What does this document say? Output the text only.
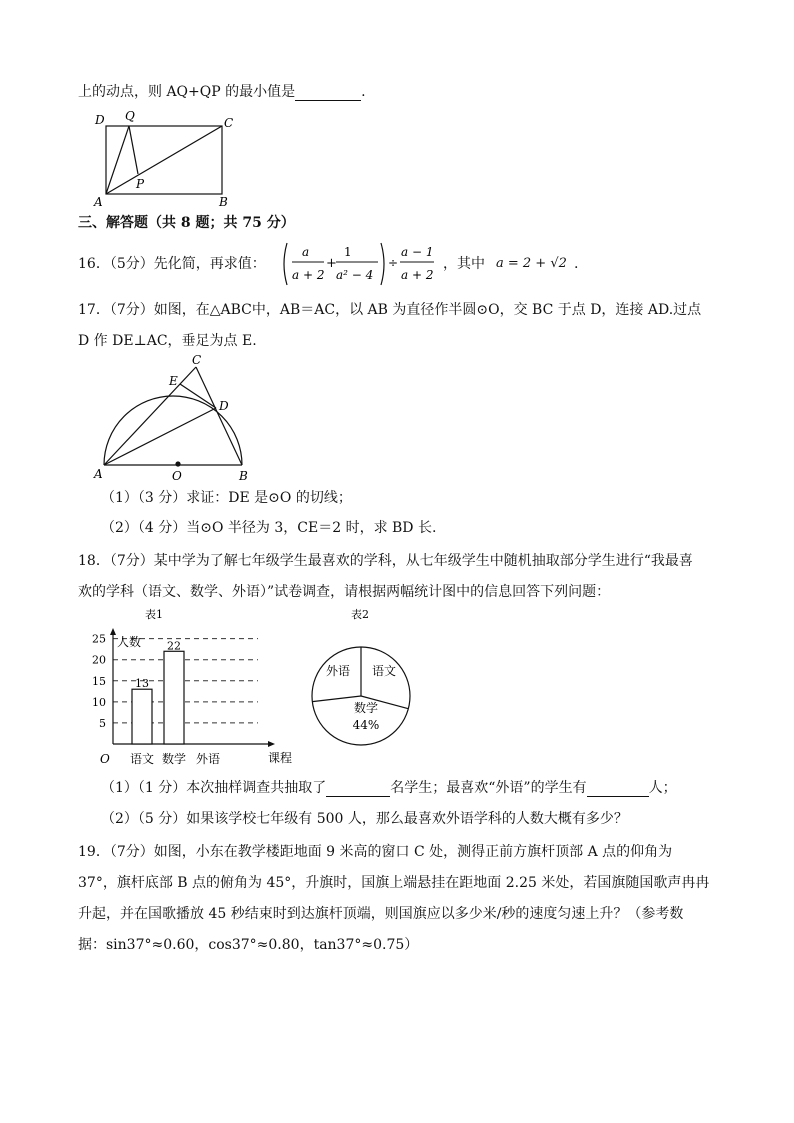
上的动点，则 AQ+QP 的最小值是	.
D Q	C
A
P
B
三、解答题（共 8 题；共 75 分）
16．（5分）先化简，再求值：
a
a + 2
+
1
a² − 4
÷
a − 1
a + 2
，其中 a = 2 + √2 .
17．（7分）如图，在△ABC中，AB＝AC，以 AB 为直径作半圆⊙O，交 BC 于点 D，连接 AD.过点
D 作 DE⊥AC，垂足为点 E.
C
E
D
A	O	B
（1）（3 分）求证：DE 是⊙O 的切线；
（2）（4 分）当⊙O 半径为 3，CE＝2 时，求 BD 长.
18．（7分）某中学为了解七年级学生最喜欢的学科，从七年级学生中随机抽取部分学生进行“我最喜
欢的学科（语文、数学、外语）”试卷调查，请根据两幅统计图中的信息回答下列问题：
表1
5
10
15
20
25 人数
课程
O 语文
13
数学
22
外语
表2
外语 语文
数学
44%
（1）（1 分）本次抽样调查共抽取了	名学生；最喜欢“外语”的学生有	人；
（2）（5 分）如果该学校七年级有 500 人，那么最喜欢外语学科的人数大概有多少？
19．（7分）如图，小东在教学楼距地面 9 米高的窗口 C 处，测得正前方旗杆顶部 A 点的仰角为
37°，旗杆底部 B 点的俯角为 45°，升旗时，国旗上端悬挂在距地面 2.25 米处，若国旗随国歌声冉冉
升起，并在国歌播放 45 秒结束时到达旗杆顶端，则国旗应以多少米/秒的速度匀速上升？（参考数
据：sin37°≈0.60，cos37°≈0.80，tan37°≈0.75）
